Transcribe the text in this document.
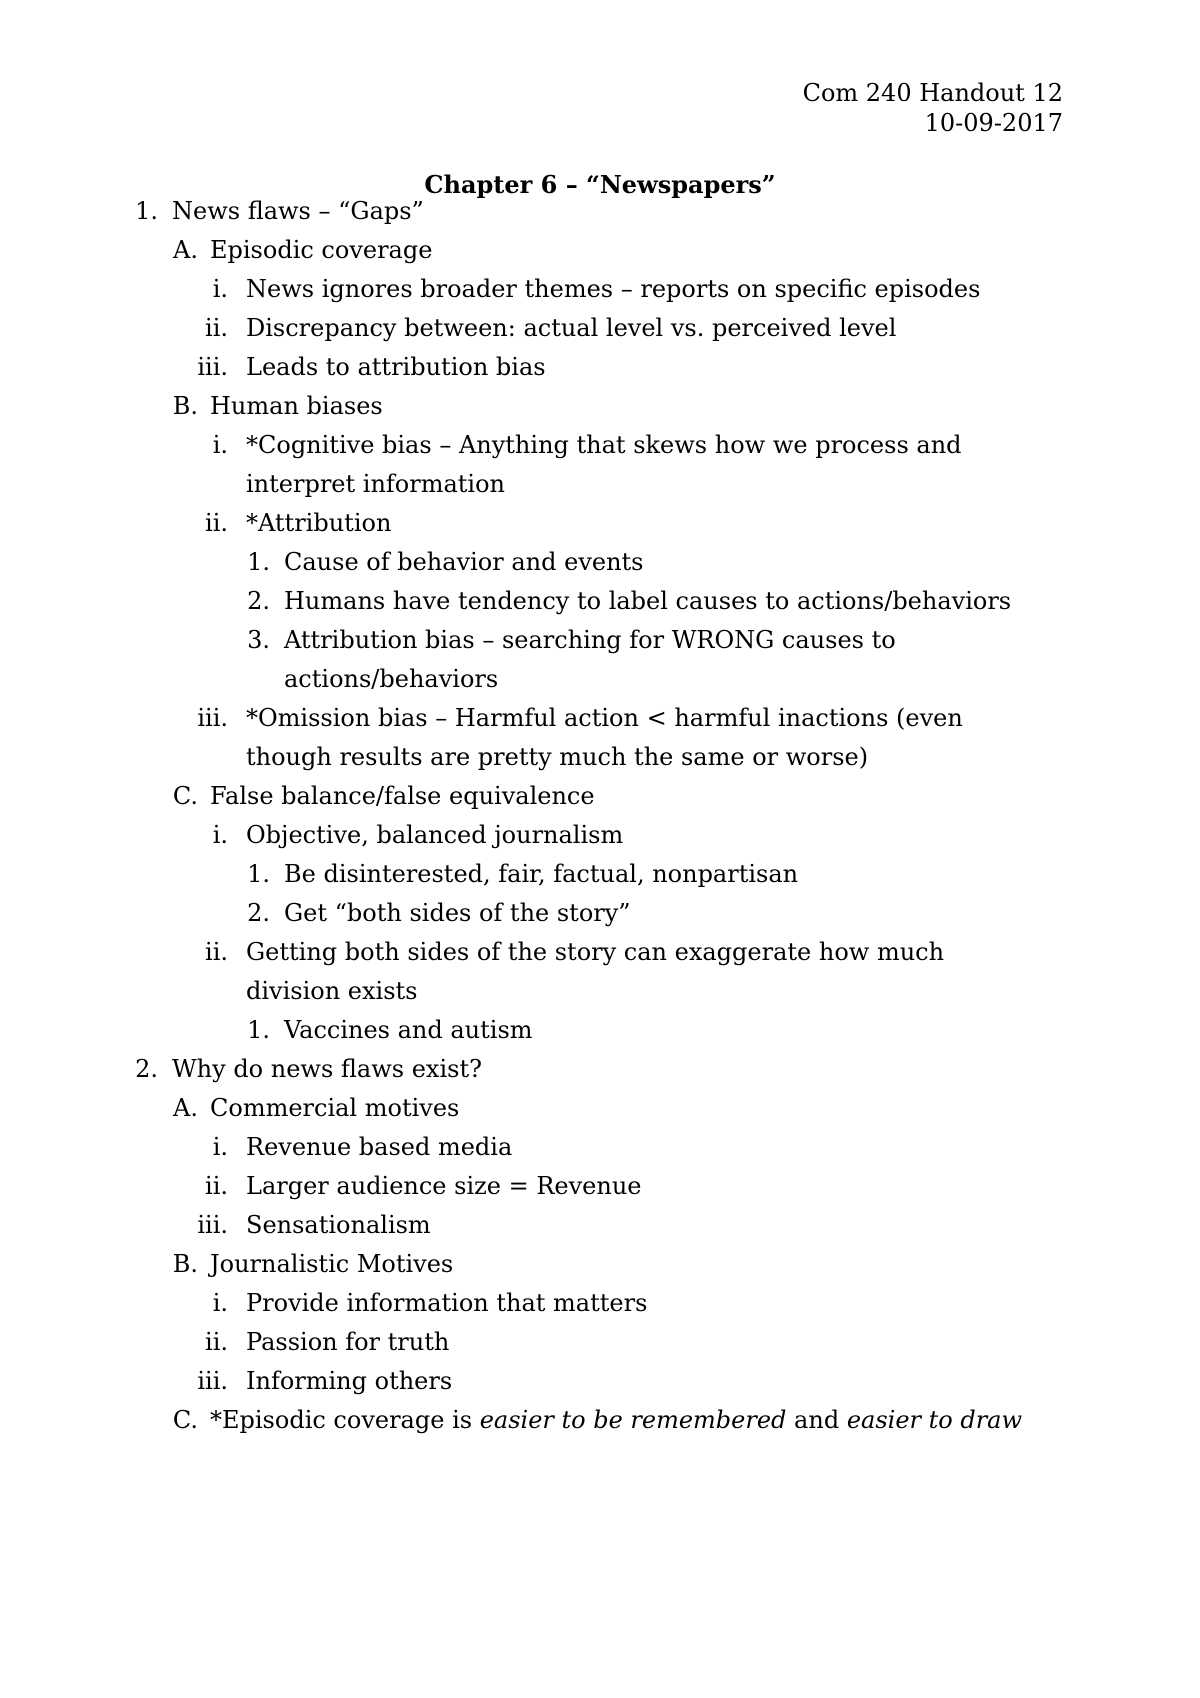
Com 240 Handout 12
10-09-2017
Chapter 6 – “Newspapers”
1. News flaws – “Gaps”
A. Episodic coverage
i. News ignores broader themes – reports on specific episodes
ii. Discrepancy between: actual level vs. perceived level
iii. Leads to attribution bias
B. Human biases
i. *Cognitive bias – Anything that skews how we process and
interpret information
ii. *Attribution
1. Cause of behavior and events
2. Humans have tendency to label causes to actions/behaviors
3. Attribution bias – searching for WRONG causes to
actions/behaviors
iii. *Omission bias – Harmful action < harmful inactions (even
though results are pretty much the same or worse)
C. False balance/false equivalence
i. Objective, balanced journalism
1. Be disinterested, fair, factual, nonpartisan
2. Get “both sides of the story”
ii. Getting both sides of the story can exaggerate how much
division exists
1. Vaccines and autism
2. Why do news flaws exist?
A. Commercial motives
i. Revenue based media
ii. Larger audience size = Revenue
iii. Sensationalism
B. Journalistic Motives
i. Provide information that matters
ii. Passion for truth
iii. Informing others
C. *Episodic coverage is easier to be remembered and easier to draw
